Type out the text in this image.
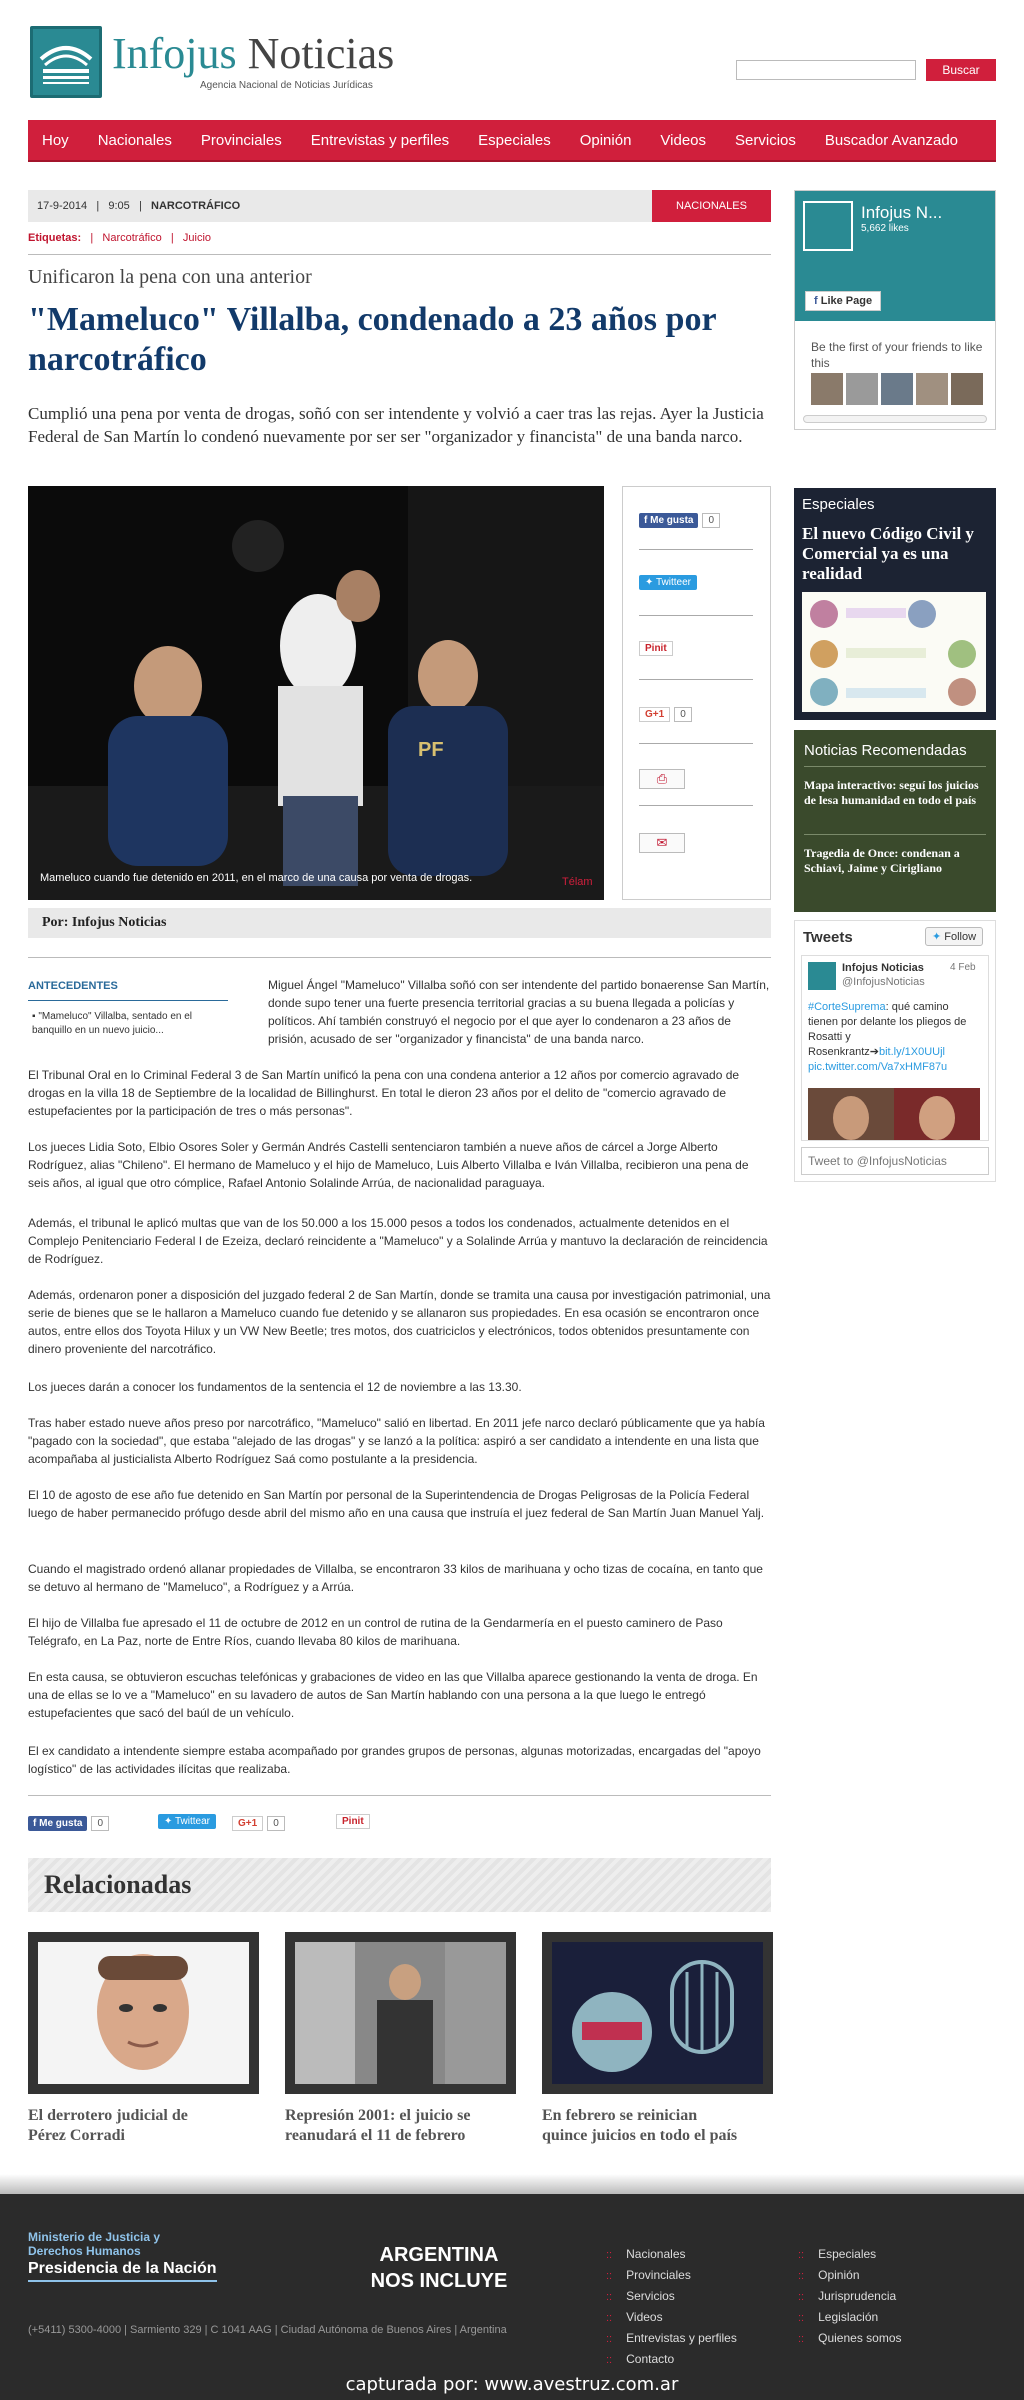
Infojus Noticias
Agencia Nacional de Noticias Jurídicas
Buscar
Hoy Nacionales Provinciales Entrevistas y perfiles Especiales Opinión Videos Servicios Buscador Avanzado
17-9-2014   |   9:05   |   NARCOTRÁFICO	NACIONALES
Etiquetas:   |   Narcotráfico   |   Juicio
Unificaron la pena con una anterior
"Mameluco" Villalba, condenado a 23 años por narcotráfico

Cumplió una pena por venta de drogas, soñó con ser intendente y volvió a caer tras las rejas. Ayer la Justicia Federal de San Martín lo condenó nuevamente por ser ser "organizador y financista" de una banda narco.

PF
Mameluco cuando fue detenido en 2011, en el marco de una causa por venta de drogas.	Télam
f Me gusta 0
✦ Twitteer
Pinit
G+1 0
⎙
✉
Por: Infojus Noticias
ANTECEDENTES
▪ "Mameluco" Villalba, sentado en el banquillo en un nuevo juicio...

Miguel Ángel "Mameluco" Villalba soñó con ser intendente del partido bonaerense San Martín, donde supo tener una fuerte presencia territorial gracias a su buena llegada a policías y políticos. Ahí también construyó el negocio por el que ayer lo condenaron a 23 años de prisión, acusado de ser "organizador y financista" de una banda narco.

El Tribunal Oral en lo Criminal Federal 3 de San Martín unificó la pena con una condena anterior a 12 años por comercio agravado de drogas en la villa 18 de Septiembre de la localidad de Billinghurst. En total le dieron 23 años por el delito de "comercio agravado de estupefacientes por la participación de tres o más personas".

Los jueces Lidia Soto, Elbio Osores Soler y Germán Andrés Castelli sentenciaron también a nueve años de cárcel a Jorge Alberto Rodríguez, alias "Chileno". El hermano de Mameluco y el hijo de Mameluco, Luis Alberto Villalba e Iván Villalba, recibieron una pena de seis años, al igual que otro cómplice, Rafael Antonio Solalinde Arrúa, de nacionalidad paraguaya.

Además, el tribunal le aplicó multas que van de los 50.000 a los 15.000 pesos a todos los condenados, actualmente detenidos en el Complejo Penitenciario Federal I de Ezeiza, declaró reincidente a "Mameluco" y a Solalinde Arrúa y mantuvo la declaración de reincidencia de Rodríguez.

Además, ordenaron poner a disposición del juzgado federal 2 de San Martín, donde se tramita una causa por investigación patrimonial, una serie de bienes que se le hallaron a Mameluco cuando fue detenido y se allanaron sus propiedades. En esa ocasión se encontraron once autos, entre ellos dos Toyota Hilux y un VW New Beetle; tres motos, dos cuatriciclos y electrónicos, todos obtenidos presuntamente con dinero proveniente del narcotráfico.

Los jueces darán a conocer los fundamentos de la sentencia el 12 de noviembre a las 13.30.

Tras haber estado nueve años preso por narcotráfico, "Mameluco" salió en libertad. En 2011 jefe narco declaró públicamente que ya había "pagado con la sociedad", que estaba "alejado de las drogas" y se lanzó a la política: aspiró a ser candidato a intendente en una lista que acompañaba al justicialista Alberto Rodríguez Saá como postulante a la presidencia.

El 10 de agosto de ese año fue detenido en San Martín por personal de la Superintendencia de Drogas Peligrosas de la Policía Federal luego de haber permanecido prófugo desde abril del mismo año en una causa que instruía el juez federal de San Martín Juan Manuel Yalj.

Cuando el magistrado ordenó allanar propiedades de Villalba, se encontraron 33 kilos de marihuana y ocho tizas de cocaína, en tanto que se detuvo al hermano de "Mameluco", a Rodríguez y a Arrúa.

El hijo de Villalba fue apresado el 11 de octubre de 2012 en un control de rutina de la Gendarmería en el puesto caminero de Paso Telégrafo, en La Paz, norte de Entre Ríos, cuando llevaba 80 kilos de marihuana.

En esta causa, se obtuvieron escuchas telefónicas y grabaciones de video en las que Villalba aparece gestionando la venta de droga. En una de ellas se lo ve a "Mameluco" en su lavadero de autos de San Martín hablando con una persona a la que luego le entregó estupefacientes que sacó del baúl de un vehículo.

El ex candidato a intendente siempre estaba acompañado por grandes grupos de personas, algunas motorizadas, encargadas del "apoyo logístico" de las actividades ilícitas que realizaba.

f Me gusta 0	✦ Twittear	G+1 0	Pinit
Relacionadas
El derrotero judicial de Pérez Corradi
Represión 2001: el juicio se reanudará el 11 de febrero
En febrero se reinician quince juicios en todo el país
Infojus N...
5,662 likes
f Like Page
Be the first of your friends to like this
Especiales
El nuevo Código Civil y Comercial ya es una realidad
Noticias Recomendadas
Mapa interactivo: seguí los juicios de lesa humanidad en todo el país
Tragedia de Once: condenan a Schiavi, Jaime y Cirigliano
Tweets	✦ Follow
Infojus Noticias
@InfojusNoticias
4 Feb
#CorteSuprema: qué camino tienen por delante los pliegos de Rosatti y Rosenkrantz➔bit.ly/1X0UUjl
pic.twitter.com/Va7xHMF87u
Tweet to @InfojusNoticias
Ministerio de Justicia y Derechos Humanos
Presidencia de la Nación
ARGENTINA NOS INCLUYE
(+5411) 5300-4000 | Sarmiento 329 | C 1041 AAG | Ciudad Autónoma de Buenos Aires | Argentina
:: Nacionales
:: Provinciales
:: Servicios
:: Videos
:: Entrevistas y perfiles
:: Contacto
:: Especiales
:: Opinión
:: Jurisprudencia
:: Legislación
:: Quienes somos
capturada por: www.avestruz.com.ar
